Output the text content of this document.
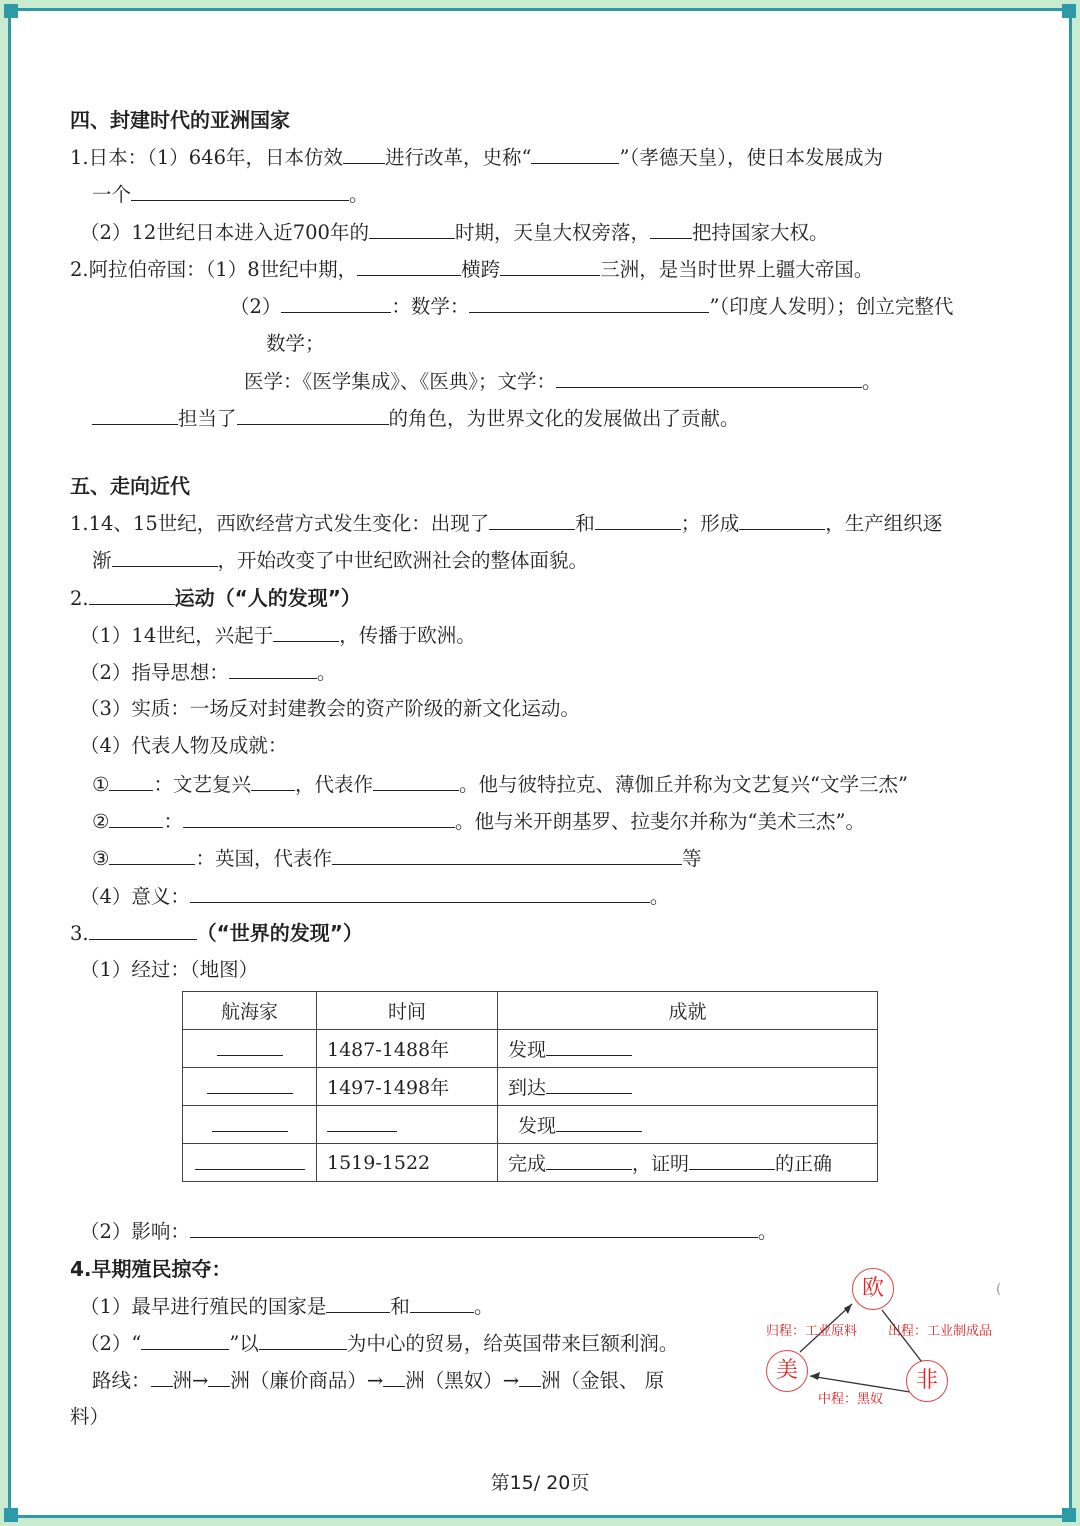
四、封建时代的亚洲国家
1.日本：（1）646年，日本仿效 进行改革，史称“	”（孝德天皇），使日本发展成为
一个	。
（2）12世纪日本进入近700年的	时期，天皇大权旁落， 把持国家大权。
2.阿拉伯帝国：（1）8世纪中期，	横跨	三洲，是当时世界上疆大帝国。
（2）	：数学：	”（印度人发明）；创立完整代
数学；
医学：《医学集成》、《医典》；文学：	。
担当了	的角色，为世界文化的发展做出了贡献。
五、走向近代
1.14、15世纪，西欧经营方式发生变化：出现了	和	；形成	，生产组织逐
渐	，开始改变了中世纪欧洲社会的整体面貌。
2.	运动（“人的发现”）
（1）14世纪，兴起于	，传播于欧洲。
（2）指导思想：	。
（3）实质：一场反对封建教会的资产阶级的新文化运动。
（4）代表人物及成就：
① ：文艺复兴 ，代表作	。他与彼特拉克、薄伽丘并称为文艺复兴“文学三杰”
②	：	。他与米开朗基罗、拉斐尔并称为“美术三杰”。
③	：英国，代表作	等
（4）意义：	。
3.	（“世界的发现”）
（1）经过：（地图）
航海家	时间	成就
	1487-1488年	发现
	1497-1498年	到达
		发现
	1519-1522	完成 ，证明 的正确
（2）影响：	。
4.早期殖民掠夺：
（1）最早进行殖民的国家是	和	。
（2）“	”以	为中心的贸易，给英国带来巨额利润。
路线： 洲→ 洲（廉价商品）→ 洲（黑奴）→ 洲（金银、 原
料）
欧
美	非
归程：工业原料 出程：工业制成品
中程：黑奴
(
第15/ 20页
